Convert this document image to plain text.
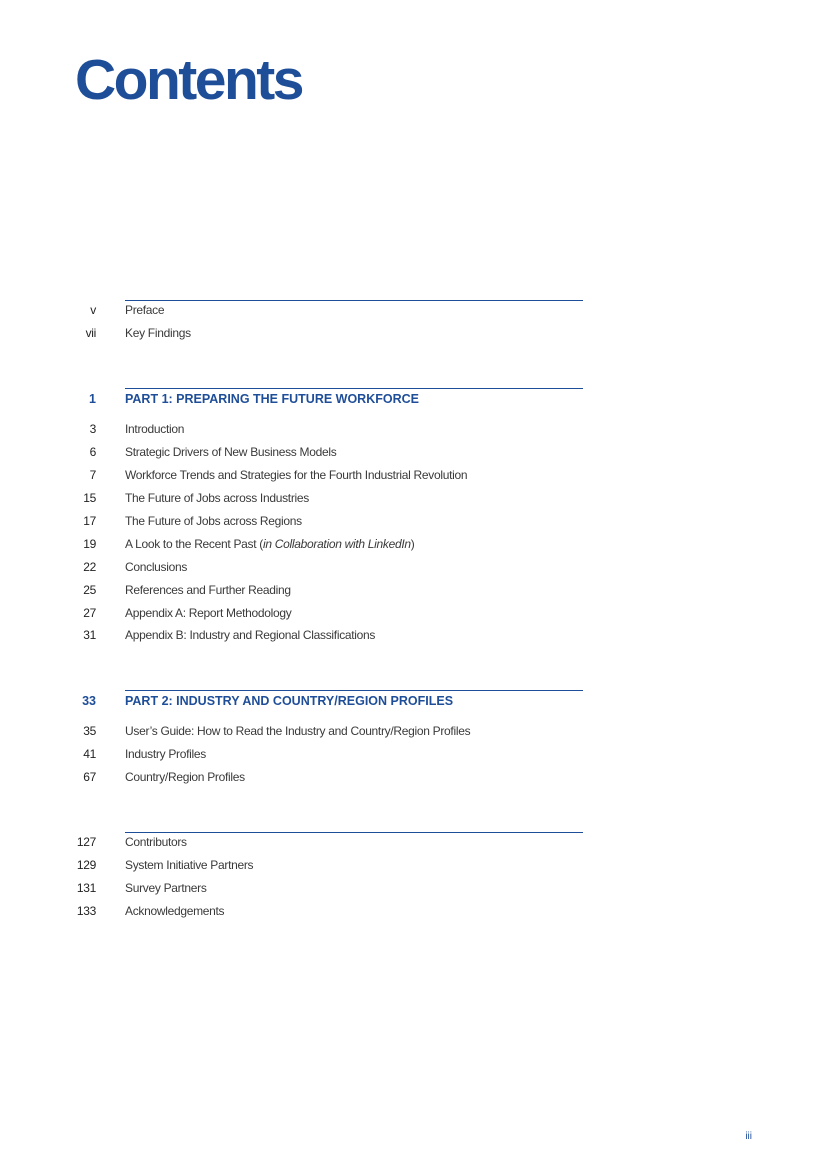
Contents
v Preface
vii Key Findings
1 PART 1: PREPARING THE FUTURE WORKFORCE
3 Introduction
6 Strategic Drivers of New Business Models
7 Workforce Trends and Strategies for the Fourth Industrial Revolution
15 The Future of Jobs across Industries
17 The Future of Jobs across Regions
19 A Look to the Recent Past (in Collaboration with LinkedIn)
22 Conclusions
25 References and Further Reading
27 Appendix A: Report Methodology
31 Appendix B: Industry and Regional Classifications
33 PART 2: INDUSTRY AND COUNTRY/REGION PROFILES
35 User’s Guide: How to Read the Industry and Country/Region Profiles
41 Industry Profiles
67 Country/Region Profiles
127 Contributors
129 System Initiative Partners
131 Survey Partners
133 Acknowledgements
iii
